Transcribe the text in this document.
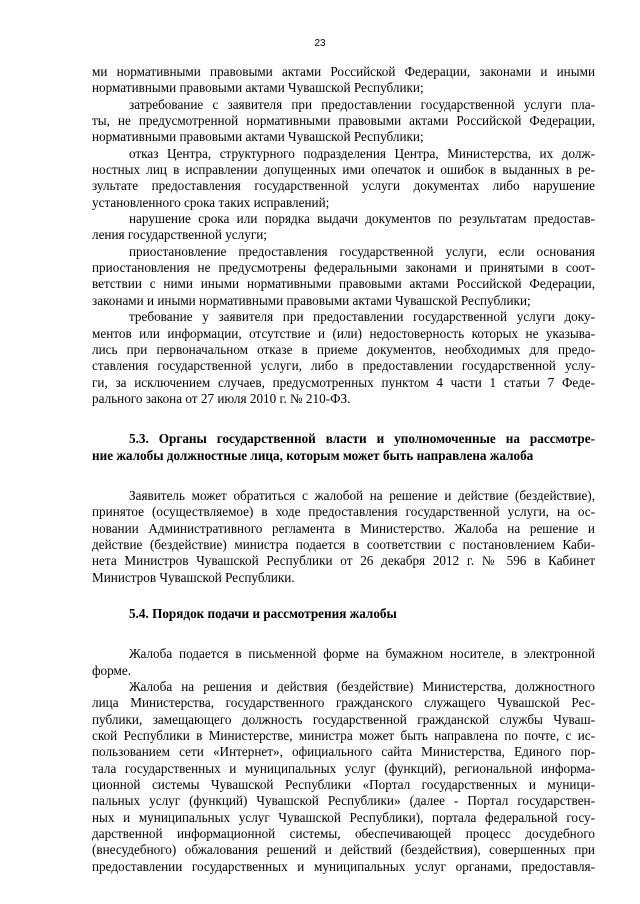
23

ми нормативными правовыми актами Российской Федерации, законами и иными
нормативными правовыми актами Чувашской Республики;

затребование с заявителя при предоставлении государственной услуги пла-
ты, не предусмотренной нормативными правовыми актами Российской Федерации,
нормативными правовыми актами Чувашской Республики;

отказ Центра, структурного подразделения Центра, Министерства, их долж-
ностных лиц в исправлении допущенных ими опечаток и ошибок в выданных в ре-
зультате предоставления государственной услуги документах либо нарушение
установленного срока таких исправлений;

нарушение срока или порядка выдачи документов по результатам предостав-
ления государственной услуги;

приостановление предоставления государственной услуги, если основания
приостановления не предусмотрены федеральными законами и принятыми в соот-
ветствии с ними иными нормативными правовыми актами Российской Федерации,
законами и иными нормативными правовыми актами Чувашской Республики;

требование у заявителя при предоставлении государственной услуги доку-
ментов или информации, отсутствие и (или) недостоверность которых не указыва-
лись при первоначальном отказе в приеме документов, необходимых для предо-
ставления государственной услуги, либо в предоставлении государственной услу-
ги, за исключением случаев, предусмотренных пунктом 4 части 1 статьи 7 Феде-
рального закона от 27 июля 2010 г. № 210-ФЗ.

5.3. Органы государственной власти и уполномоченные на рассмотре-
ние жалобы должностные лица, которым может быть направлена жалоба

Заявитель может обратиться с жалобой на решение и действие (бездействие),
принятое (осуществляемое) в ходе предоставления государственной услуги, на ос-
новании Административного регламента в Министерство. Жалоба на решение и
действие (бездействие) министра подается в соответствии с постановлением Каби-
нета Министров Чувашской Республики от 26 декабря 2012 г. № 596 в Кабинет
Министров Чувашской Республики.

5.4. Порядок подачи и рассмотрения жалобы

Жалоба подается в письменной форме на бумажном носителе, в электронной
форме.

Жалоба на решения и действия (бездействие) Министерства, должностного
лица Министерства, государственного гражданского служащего Чувашской Рес-
публики, замещающего должность государственной гражданской службы Чуваш-
ской Республики в Министерстве, министра может быть направлена по почте, с ис-
пользованием сети «Интернет», официального сайта Министерства, Единого пор-
тала государственных и муниципальных услуг (функций), региональной информа-
ционной системы Чувашской Республики «Портал государственных и муници-
пальных услуг (функций) Чувашской Республики» (далее - Портал государствен-
ных и муниципальных услуг Чувашской Республики), портала федеральной госу-
дарственной информационной системы, обеспечивающей процесс досудебного
(внесудебного) обжалования решений и действий (бездействия), совершенных при
предоставлении государственных и муниципальных услуг органами, предоставля-
